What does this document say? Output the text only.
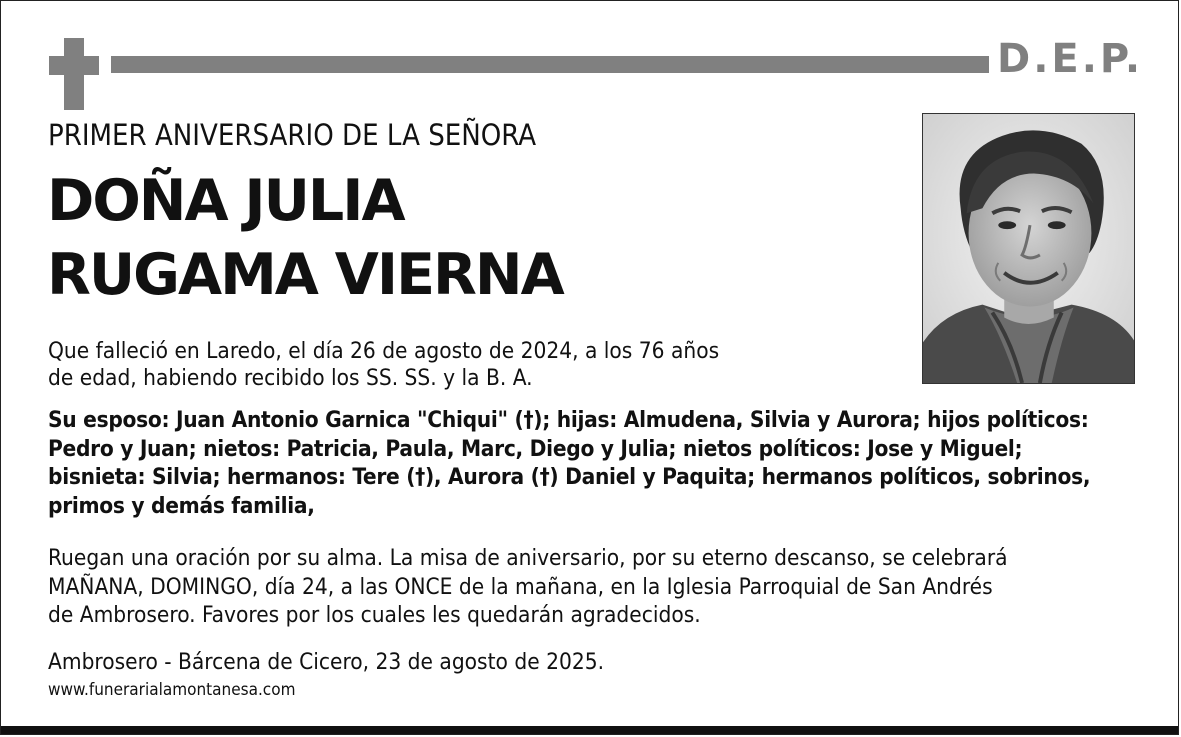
D.E.P.
PRIMER ANIVERSARIO DE LA SEÑORA
DOÑA JULIA
RUGAMA VIERNA
Que falleció en Laredo, el día 26 de agosto de 2024, a los 76 años
de edad, habiendo recibido los SS. SS. y la B. A.
Su esposo: Juan Antonio Garnica "Chiqui" (†); hijas: Almudena, Silvia y Aurora; hijos políticos:
Pedro y Juan; nietos: Patricia, Paula, Marc, Diego y Julia; nietos políticos: Jose y Miguel;
bisnieta: Silvia; hermanos: Tere (†), Aurora (†) Daniel y Paquita; hermanos políticos, sobrinos,
primos y demás familia,
Ruegan una oración por su alma. La misa de aniversario, por su eterno descanso, se celebrará
MAÑANA, DOMINGO, día 24, a las ONCE de la mañana, en la Iglesia Parroquial de San Andrés
de Ambrosero. Favores por los cuales les quedarán agradecidos.
Ambrosero - Bárcena de Cicero, 23 de agosto de 2025.
www.funerarialamontanesa.com
